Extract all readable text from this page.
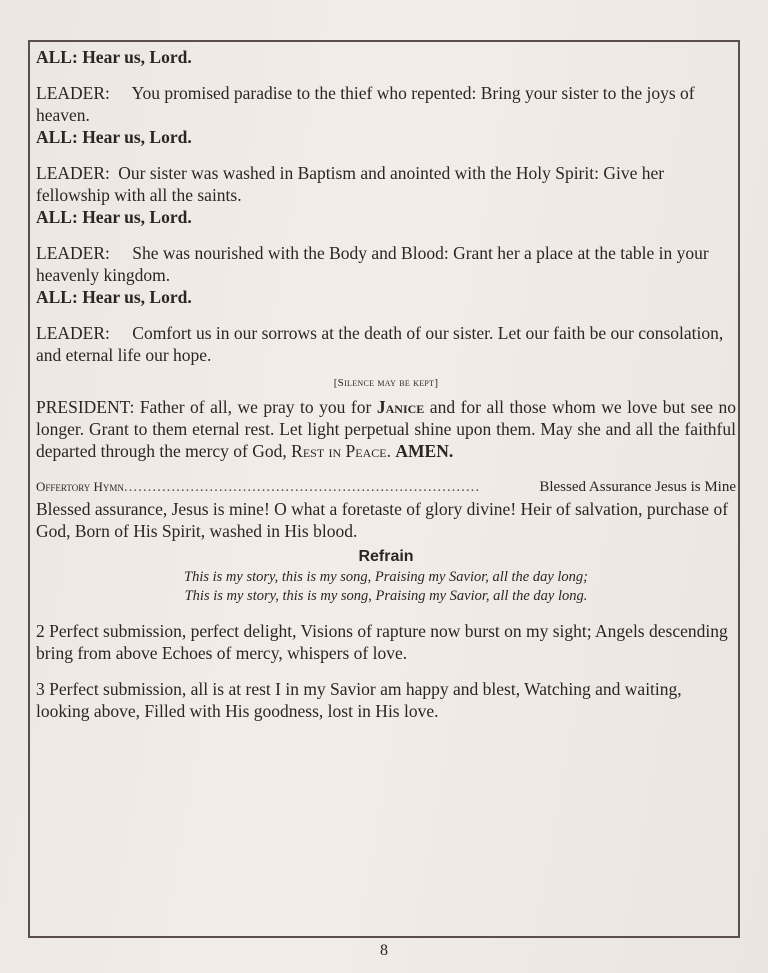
ALL: Hear us, Lord.
LEADER: You promised paradise to the thief who repented: Bring your sister to the joys of heaven.
ALL: Hear us, Lord.
LEADER: Our sister was washed in Baptism and anointed with the Holy Spirit: Give her fellowship with all the saints.
ALL: Hear us, Lord.
LEADER: She was nourished with the Body and Blood: Grant her a place at the table in your heavenly kingdom.
ALL: Hear us, Lord.
LEADER: Comfort us in our sorrows at the death of our sister. Let our faith be our consolation, and eternal life our hope.
[Silence may be kept]
PRESIDENT: Father of all, we pray to you for Janice and for all those whom we love but see no longer. Grant to them eternal rest. Let light perpetual shine upon them. May she and all the faithful departed through the mercy of God, Rest in Peace. AMEN.
Offertory Hymn ...........................................................................	Blessed Assurance Jesus is Mine
Blessed assurance, Jesus is mine! O what a foretaste of glory divine! Heir of salvation, purchase of God, Born of His Spirit, washed in His blood.
Refrain
This is my story, this is my song, Praising my Savior, all the day long;
This is my story, this is my song, Praising my Savior, all the day long.
2 Perfect submission, perfect delight, Visions of rapture now burst on my sight; Angels descending bring from above Echoes of mercy, whispers of love.
3 Perfect submission, all is at rest I in my Savior am happy and blest, Watching and waiting, looking above, Filled with His goodness, lost in His love.
8
